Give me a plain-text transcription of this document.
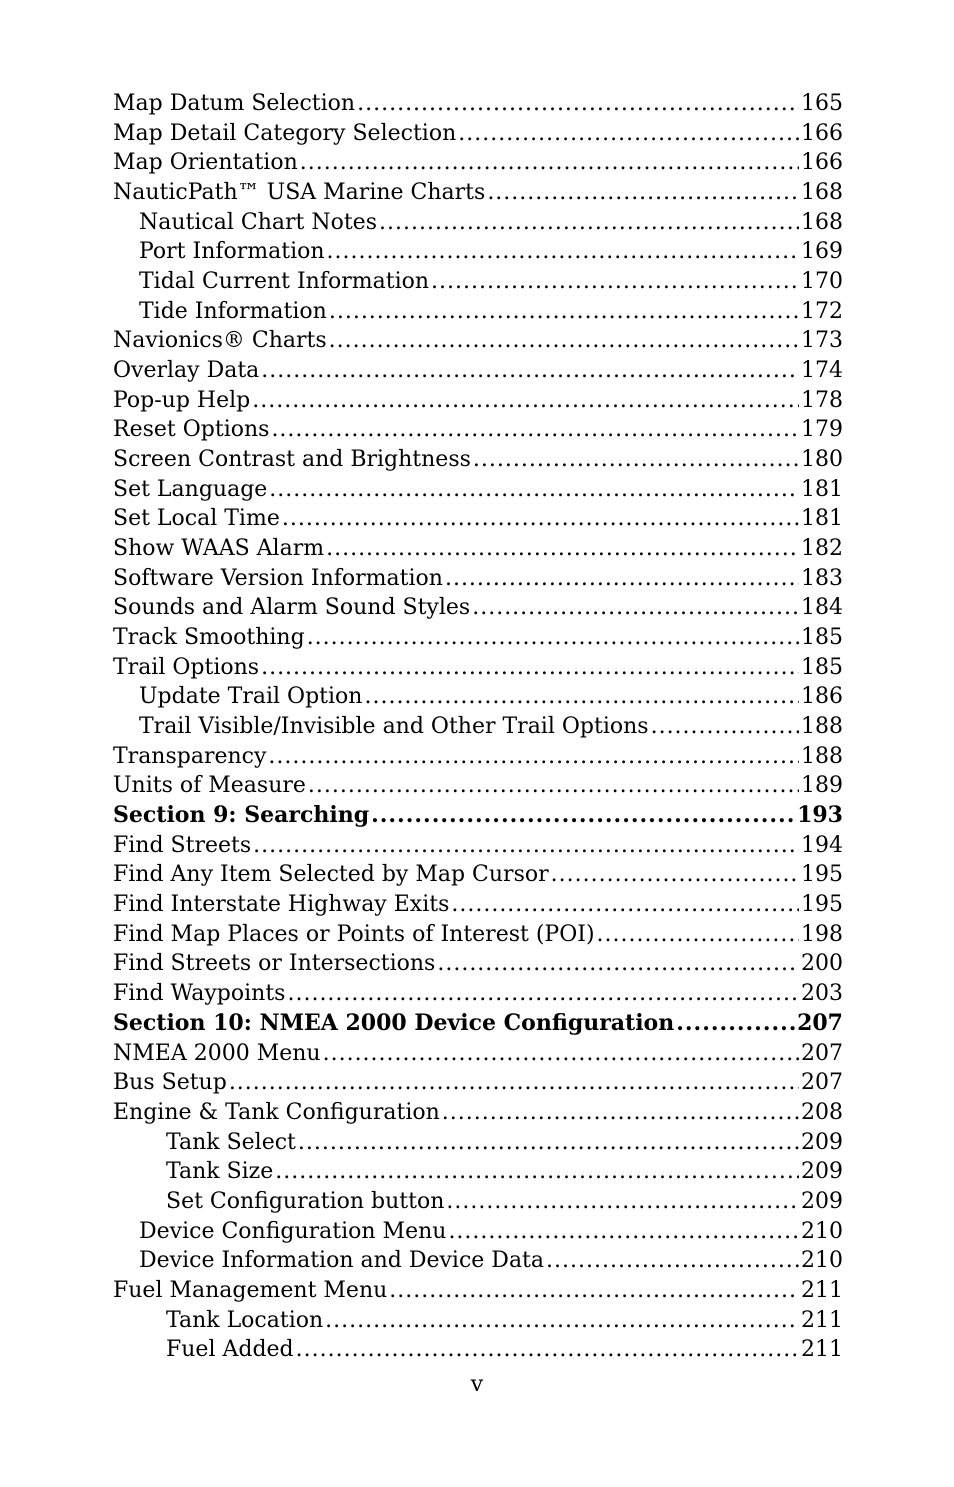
Map Datum Selection .....	165
Map Detail Category Selection .....	166
Map Orientation .....	166
NauticPath™ USA Marine Charts .....	168
Nautical Chart Notes .....	168
Port Information .....	169
Tidal Current Information .....	170
Tide Information .....	172
Navionics® Charts .....	173
Overlay Data .....	174
Pop-up Help .....	178
Reset Options .....	179
Screen Contrast and Brightness .....	180
Set Language .....	181
Set Local Time .....	181
Show WAAS Alarm .....	182
Software Version Information .....	183
Sounds and Alarm Sound Styles .....	184
Track Smoothing .....	185
Trail Options .....	185
Update Trail Option .....	186
Trail Visible/Invisible and Other Trail Options .....	188
Transparency .....	188
Units of Measure .....	189
Section 9: Searching .....	193
Find Streets .....	194
Find Any Item Selected by Map Cursor .....	195
Find Interstate Highway Exits .....	195
Find Map Places or Points of Interest (POI) .....	198
Find Streets or Intersections .....	200
Find Waypoints .....	203
Section 10: NMEA 2000 Device Configuration .....	207
NMEA 2000 Menu .....	207
Bus Setup .....	207
Engine & Tank Configuration .....	208
Tank Select .....	209
Tank Size .....	209
Set Configuration button .....	209
Device Configuration Menu .....	210
Device Information and Device Data .....	210
Fuel Management Menu .....	211
Tank Location .....	211
Fuel Added .....	211
v
